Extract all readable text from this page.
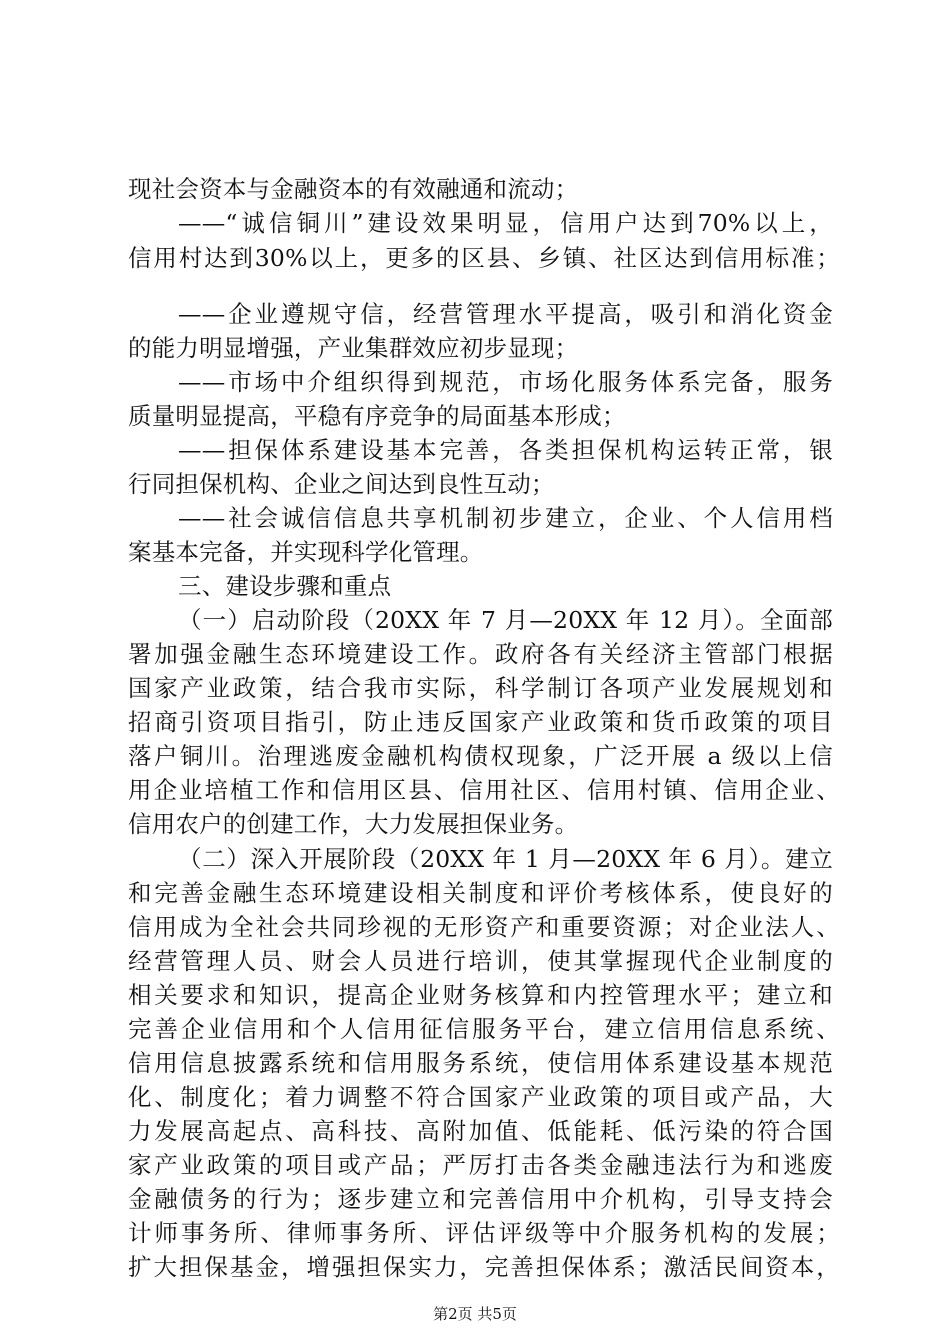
现社会资本与金融资本的有效融通和流动；
——“诚信铜川”建设效果明显，信用户达到70%以上，
信用村达到30%以上，更多的区县、乡镇、社区达到信用标准；
——企业遵规守信，经营管理水平提高，吸引和消化资金
的能力明显增强，产业集群效应初步显现；
——市场中介组织得到规范，市场化服务体系完备，服务
质量明显提高，平稳有序竞争的局面基本形成；
——担保体系建设基本完善，各类担保机构运转正常，银
行同担保机构、企业之间达到良性互动；
——社会诚信信息共享机制初步建立，企业、个人信用档
案基本完备，并实现科学化管理。
三、建设步骤和重点
（一）启动阶段（20XX 年 7 月—20XX 年 12 月）。全面部
署加强金融生态环境建设工作。政府各有关经济主管部门根据
国家产业政策，结合我市实际，科学制订各项产业发展规划和
招商引资项目指引，防止违反国家产业政策和货币政策的项目
落户铜川。治理逃废金融机构债权现象，广泛开展 a 级以上信
用企业培植工作和信用区县、信用社区、信用村镇、信用企业、
信用农户的创建工作，大力发展担保业务。
（二）深入开展阶段（20XX 年 1 月—20XX 年 6 月）。建立
和完善金融生态环境建设相关制度和评价考核体系，使良好的
信用成为全社会共同珍视的无形资产和重要资源；对企业法人、
经营管理人员、财会人员进行培训，使其掌握现代企业制度的
相关要求和知识，提高企业财务核算和内控管理水平；建立和
完善企业信用和个人信用征信服务平台，建立信用信息系统、
信用信息披露系统和信用服务系统，使信用体系建设基本规范
化、制度化；着力调整不符合国家产业政策的项目或产品，大
力发展高起点、高科技、高附加值、低能耗、低污染的符合国
家产业政策的项目或产品；严厉打击各类金融违法行为和逃废
金融债务的行为；逐步建立和完善信用中介机构，引导支持会
计师事务所、律师事务所、评估评级等中介服务机构的发展；
扩大担保基金，增强担保实力，完善担保体系；激活民间资本，
第2页 共5页
